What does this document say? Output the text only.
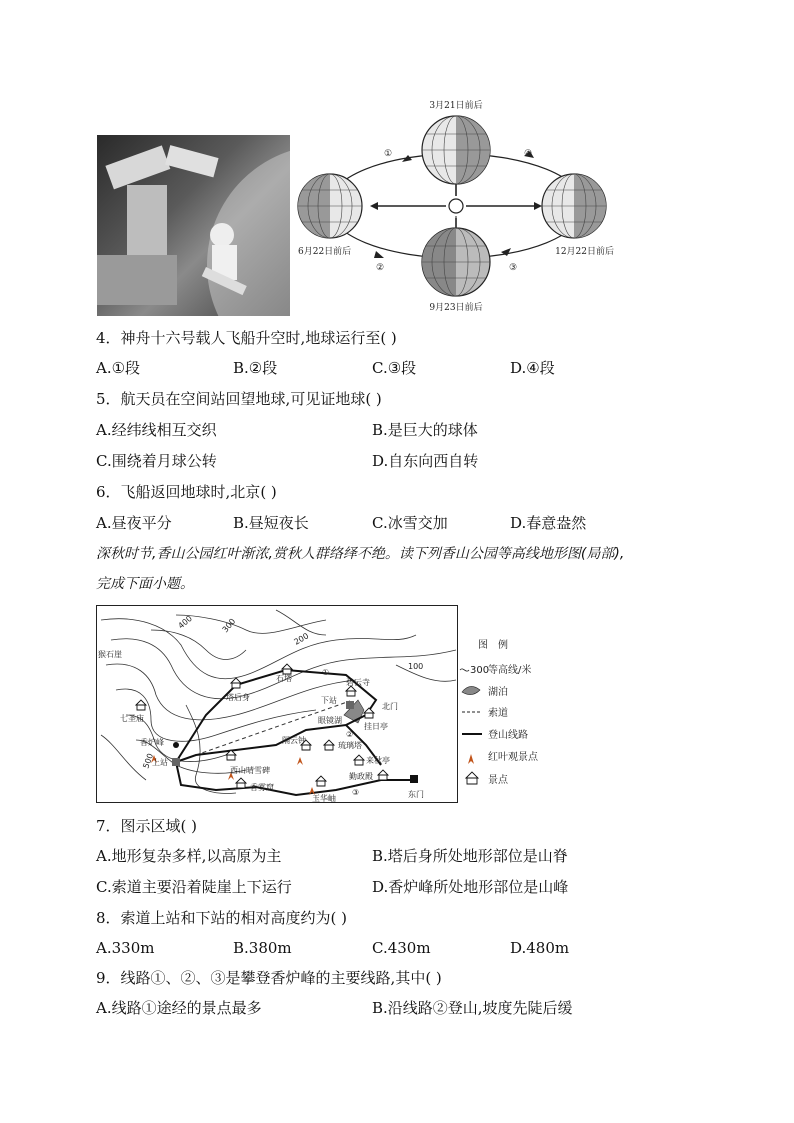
3月21日前后
6月22日前后	12月22日前后
9月23日前后
①
②	③
④
4．神舟十六号载人飞船升空时,地球运行至( )
A.①段	B.②段	C.③段	D.④段
5．航天员在空间站回望地球,可见证地球( )
A.经纬线相互交织	B.是巨大的球体
C.围绕着月球公转	D.自东向西自转
6．飞船返回地球时,北京( )
A.昼夜平分	B.昼短夜长	C.冰雪交加	D.春意盎然
深秋时节,香山公园红叶渐浓,赏秋人群络绎不绝。读下列香山公园等高线地形图(局部),
完成下面小题。
400	300
200
100
500
猴石崖
塔后身
石塔	碧云寺
下站
北门
眼镜湖
挂日亭
七圣庙
香炉峰
上站
隔云钟
琉璃塔
西山晴雪碑
香雾窟
来秋亭
勤政殿
玉华岫	东门
①
②
③
图　例
300
等高线/米
湖泊
索道
登山线路
红叶观景点
景点
7．图示区域( )
A.地形复杂多样,以高原为主	B.塔后身所处地形部位是山脊
C.索道主要沿着陡崖上下运行	D.香炉峰所处地形部位是山峰
8．索道上站和下站的相对高度约为( )
A.330m	B.380m	C.430m	D.480m
9．线路①、②、③是攀登香炉峰的主要线路,其中( )
A.线路①途经的景点最多	B.沿线路②登山,坡度先陡后缓
